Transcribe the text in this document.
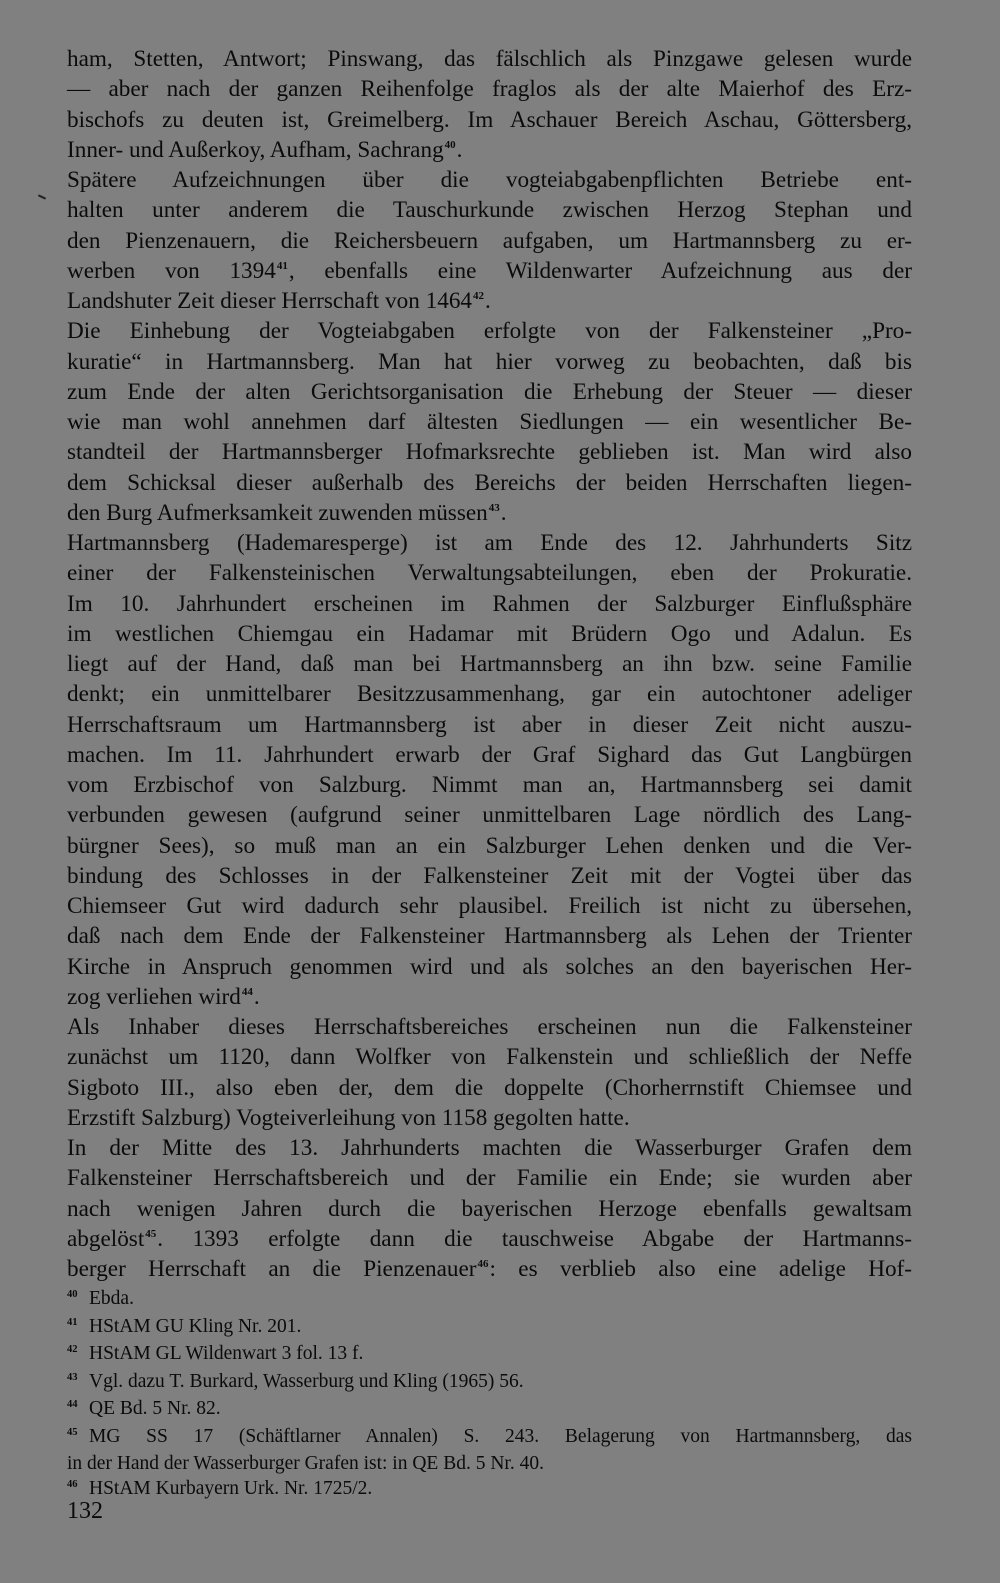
ham, Stetten, Antwort; Pinswang, das fälschlich als Pinzgawe gelesen wurde
— aber nach der ganzen Reihenfolge fraglos als der alte Maierhof des Erz-
bischofs zu deuten ist, Greimelberg. Im Aschauer Bereich Aschau, Göttersberg,
Inner- und Außerkoy, Aufham, Sachrang$^{40}$.
Spätere Aufzeichnungen über die vogteiabgabenpflichten Betriebe ent-
halten unter anderem die Tauschurkunde zwischen Herzog Stephan und
den Pienzenauern, die Reichersbeuern aufgaben, um Hartmannsberg zu er-
werben von 1394$^{41}$, ebenfalls eine Wildenwarter Aufzeichnung aus der
Landshuter Zeit dieser Herrschaft von 1464$^{42}$.
Die Einhebung der Vogteiabgaben erfolgte von der Falkensteiner „Pro-
kuratie“ in Hartmannsberg. Man hat hier vorweg zu beobachten, daß bis
zum Ende der alten Gerichtsorganisation die Erhebung der Steuer — dieser
wie man wohl annehmen darf ältesten Siedlungen — ein wesentlicher Be-
standteil der Hartmannsberger Hofmarksrechte geblieben ist. Man wird also
dem Schicksal dieser außerhalb des Bereichs der beiden Herrschaften liegen-
den Burg Aufmerksamkeit zuwenden müssen$^{43}$.
Hartmannsberg (Hademaresperge) ist am Ende des 12. Jahrhunderts Sitz
einer der Falkensteinischen Verwaltungsabteilungen, eben der Prokuratie.
Im 10. Jahrhundert erscheinen im Rahmen der Salzburger Einflußsphäre
im westlichen Chiemgau ein Hadamar mit Brüdern Ogo und Adalun. Es
liegt auf der Hand, daß man bei Hartmannsberg an ihn bzw. seine Familie
denkt; ein unmittelbarer Besitzzusammenhang, gar ein autochtoner adeliger
Herrschaftsraum um Hartmannsberg ist aber in dieser Zeit nicht auszu-
machen. Im 11. Jahrhundert erwarb der Graf Sighard das Gut Langbürgen
vom Erzbischof von Salzburg. Nimmt man an, Hartmannsberg sei damit
verbunden gewesen (aufgrund seiner unmittelbaren Lage nördlich des Lang-
bürgner Sees), so muß man an ein Salzburger Lehen denken und die Ver-
bindung des Schlosses in der Falkensteiner Zeit mit der Vogtei über das
Chiemseer Gut wird dadurch sehr plausibel. Freilich ist nicht zu übersehen,
daß nach dem Ende der Falkensteiner Hartmannsberg als Lehen der Trienter
Kirche in Anspruch genommen wird und als solches an den bayerischen Her-
zog verliehen wird$^{44}$.
Als Inhaber dieses Herrschaftsbereiches erscheinen nun die Falkensteiner
zunächst um 1120, dann Wolfker von Falkenstein und schließlich der Neffe
Sigboto III., also eben der, dem die doppelte (Chorherrnstift Chiemsee und
Erzstift Salzburg) Vogteiverleihung von 1158 gegolten hatte.
In der Mitte des 13. Jahrhunderts machten die Wasserburger Grafen dem
Falkensteiner Herrschaftsbereich und der Familie ein Ende; sie wurden aber
nach wenigen Jahren durch die bayerischen Herzoge ebenfalls gewaltsam
abgelöst$^{45}$. 1393 erfolgte dann die tauschweise Abgabe der Hartmanns-
berger Herrschaft an die Pienzenauer$^{46}$: es verblieb also eine adelige Hof-
40 Ebda.
41 HStAM GU Kling Nr. 201.
42 HStAM GL Wildenwart 3 fol. 13 f.
43 Vgl. dazu T. Burkard, Wasserburg und Kling (1965) 56.
44 QE Bd. 5 Nr. 82.
45 MG SS 17 (Schäftlarner Annalen) S. 243. Belagerung von Hartmannsberg, das
in der Hand der Wasserburger Grafen ist: in QE Bd. 5 Nr. 40.
46 HStAM Kurbayern Urk. Nr. 1725/2.
132
